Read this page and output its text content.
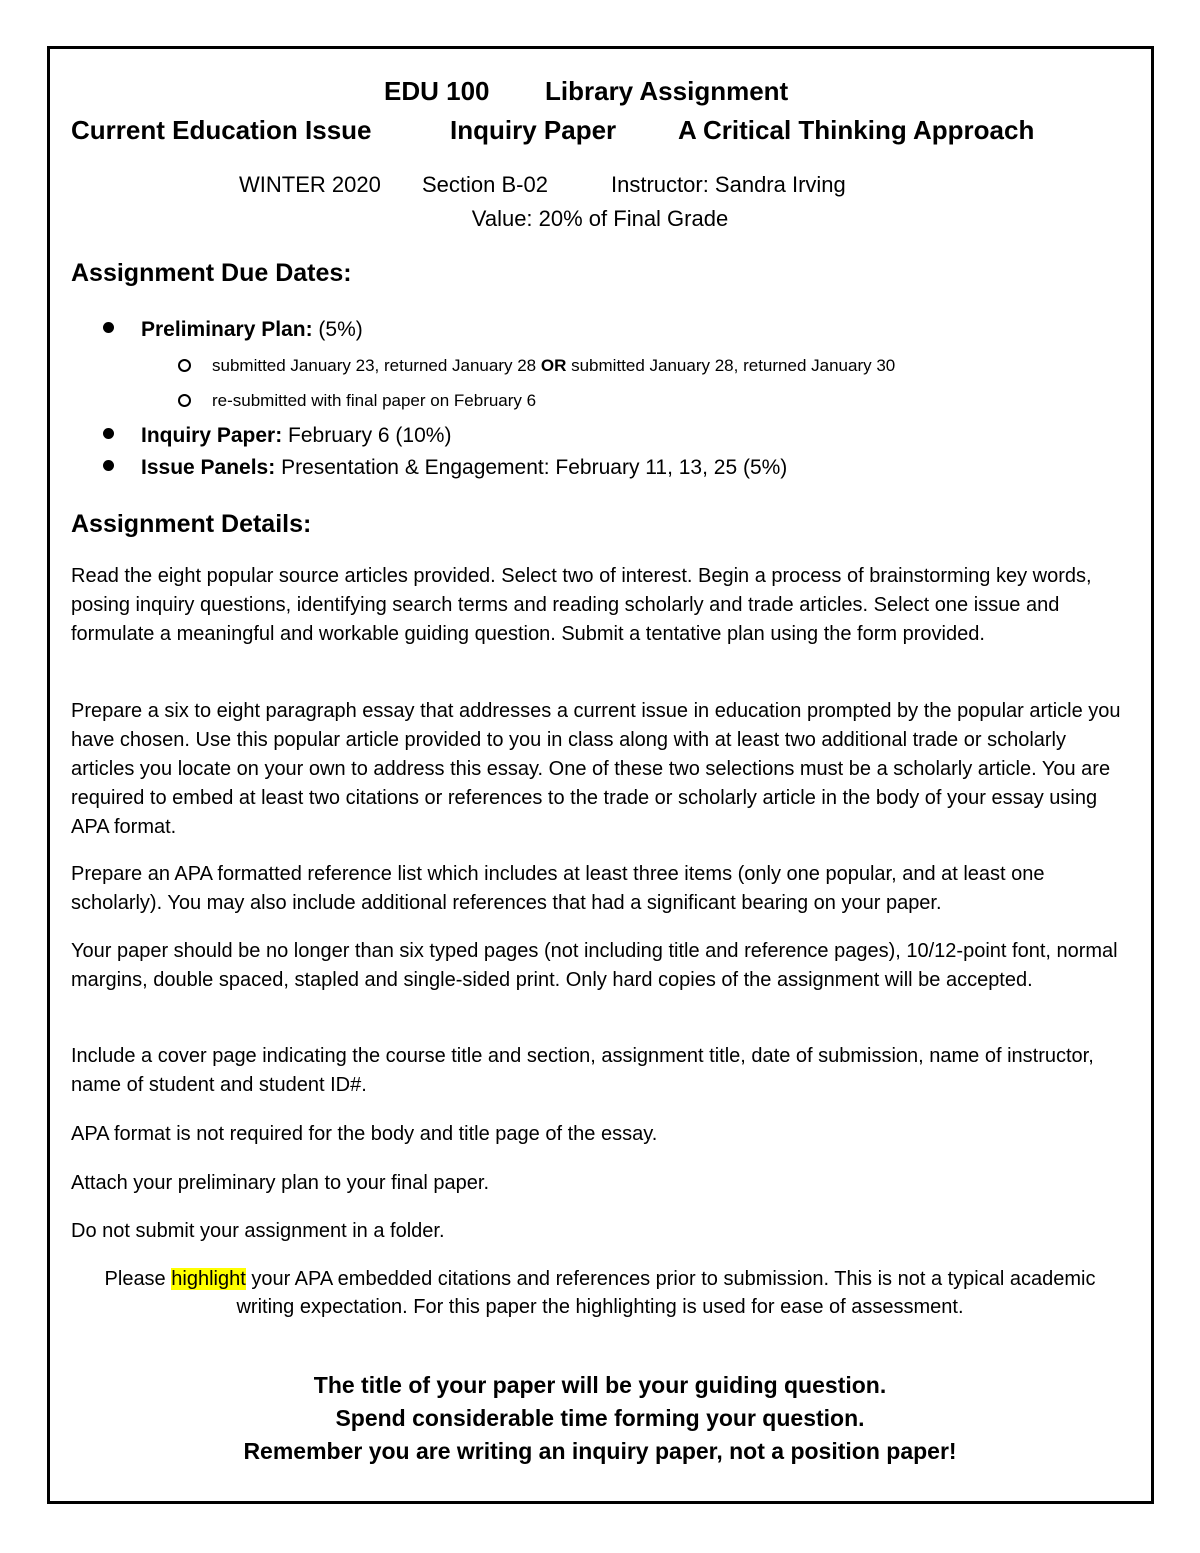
EDU 100 Library Assignment
Current Education Issue	Inquiry Paper A Critical Thinking Approach
WINTER 2020 Section B-02	Instructor: Sandra Irving
Value: 20% of Final Grade
Assignment Due Dates:
Preliminary Plan: (5%)
submitted January 23, returned January 28 OR submitted January 28, returned January 30
re-submitted with final paper on February 6
Inquiry Paper: February 6 (10%)
Issue Panels: Presentation & Engagement: February 11, 13, 25 (5%)
Assignment Details:
Read the eight popular source articles provided. Select two of interest. Begin a process of brainstorming key words, posing inquiry questions, identifying search terms and reading scholarly and trade articles. Select one issue and formulate a meaningful and workable guiding question. Submit a tentative plan using the form provided.
Prepare a six to eight paragraph essay that addresses a current issue in education prompted by the popular article you have chosen. Use this popular article provided to you in class along with at least two additional trade or scholarly articles you locate on your own to address this essay. One of these two selections must be a scholarly article. You are required to embed at least two citations or references to the trade or scholarly article in the body of your essay using APA format.
Prepare an APA formatted reference list which includes at least three items (only one popular, and at least one scholarly). You may also include additional references that had a significant bearing on your paper.
Your paper should be no longer than six typed pages (not including title and reference pages), 10/12-point font, normal margins, double spaced, stapled and single-sided print. Only hard copies of the assignment will be accepted.
Include a cover page indicating the course title and section, assignment title, date of submission, name of instructor, name of student and student ID#.
APA format is not required for the body and title page of the essay.
Attach your preliminary plan to your final paper.
Do not submit your assignment in a folder.
Please highlight your APA embedded citations and references prior to submission. This is not a typical academic writing expectation. For this paper the highlighting is used for ease of assessment.
The title of your paper will be your guiding question.
Spend considerable time forming your question.
Remember you are writing an inquiry paper, not a position paper!
